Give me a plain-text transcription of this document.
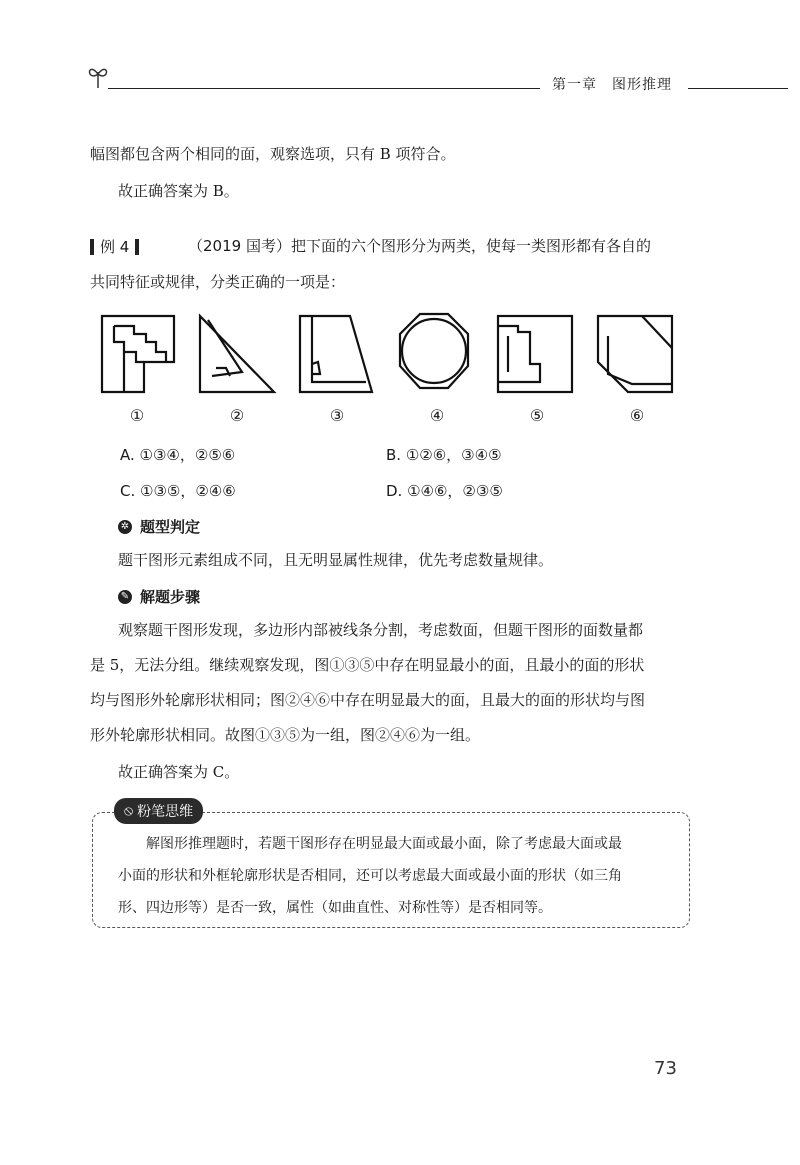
第一章　图形推理
幅图都包含两个相同的面，观察选项，只有 B 项符合。
故正确答案为 B。
例 4	（2019 国考）把下面的六个图形分为两类，使每一类图形都有各自的
共同特征或规律，分类正确的一项是：
①	②	③	④	⑤	⑥
A. ①③④，②⑤⑥	B. ①②⑥，③④⑤
C. ①③⑤，②④⑥	D. ①④⑥，②③⑤
✲ 题型判定
题干图形元素组成不同，且无明显属性规律，优先考虑数量规律。
✎ 解题步骤
观察题干图形发现，多边形内部被线条分割，考虑数面，但题干图形的面数量都
是 5，无法分组。继续观察发现，图①③⑤中存在明显最小的面，且最小的面的形状
均与图形外轮廓形状相同；图②④⑥中存在明显最大的面，且最大的面的形状均与图
形外轮廓形状相同。故图①③⑤为一组，图②④⑥为一组。
故正确答案为 C。
⦸ 粉笔思维
解图形推理题时，若题干图形存在明显最大面或最小面，除了考虑最大面或最
小面的形状和外框轮廓形状是否相同，还可以考虑最大面或最小面的形状（如三角
形、四边形等）是否一致，属性（如曲直性、对称性等）是否相同等。
73
